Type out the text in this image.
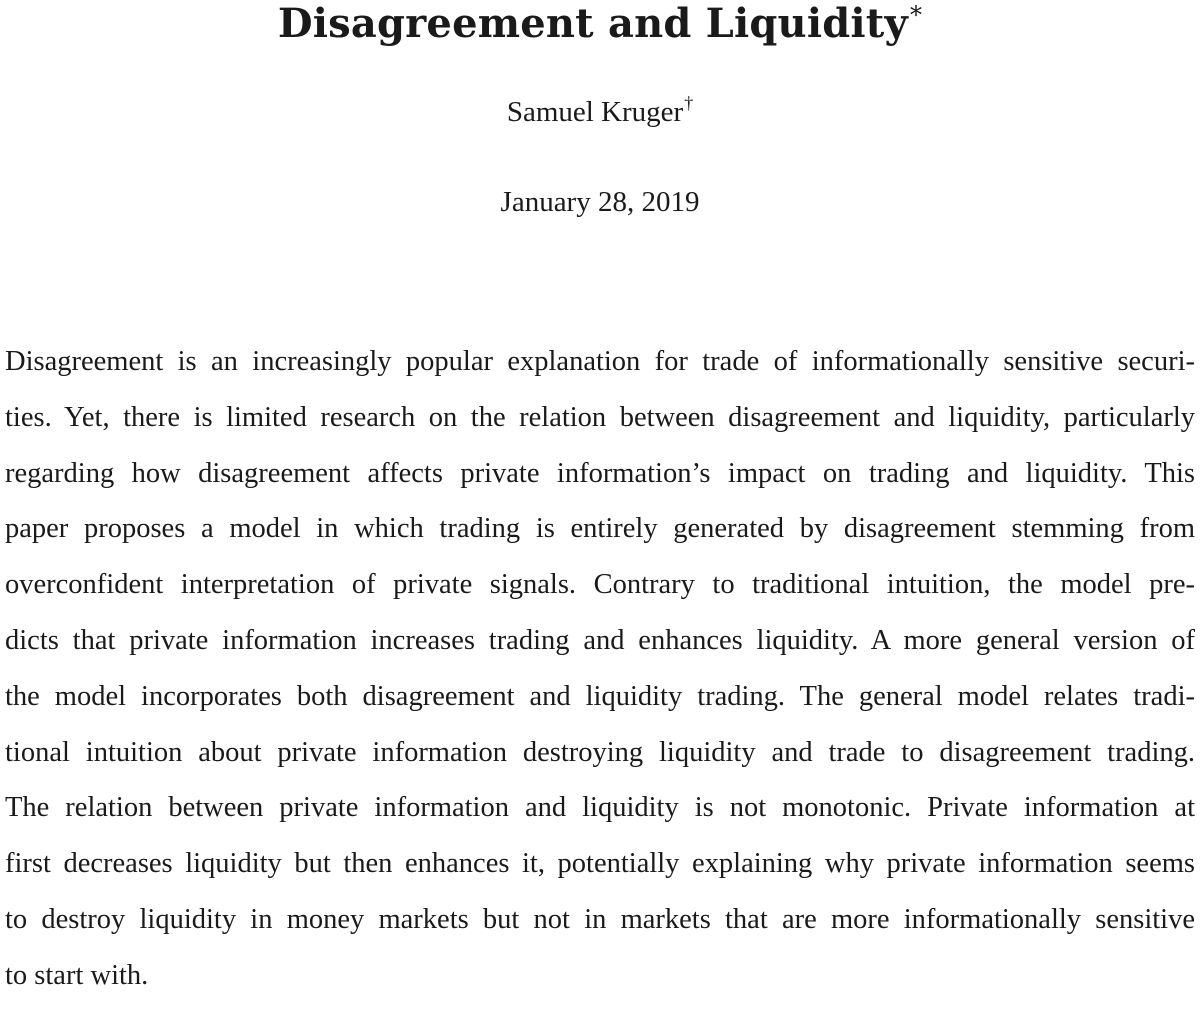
Disagreement and Liquidity*
Samuel Kruger†
January 28, 2019
Disagreement is an increasingly popular explanation for trade of informationally sensitive securi-
ties. Yet, there is limited research on the relation between disagreement and liquidity, particularly
regarding how disagreement affects private information’s impact on trading and liquidity. This
paper proposes a model in which trading is entirely generated by disagreement stemming from
overconfident interpretation of private signals. Contrary to traditional intuition, the model pre-
dicts that private information increases trading and enhances liquidity. A more general version of
the model incorporates both disagreement and liquidity trading. The general model relates tradi-
tional intuition about private information destroying liquidity and trade to disagreement trading.
The relation between private information and liquidity is not monotonic. Private information at
first decreases liquidity but then enhances it, potentially explaining why private information seems
to destroy liquidity in money markets but not in markets that are more informationally sensitive
to start with.
